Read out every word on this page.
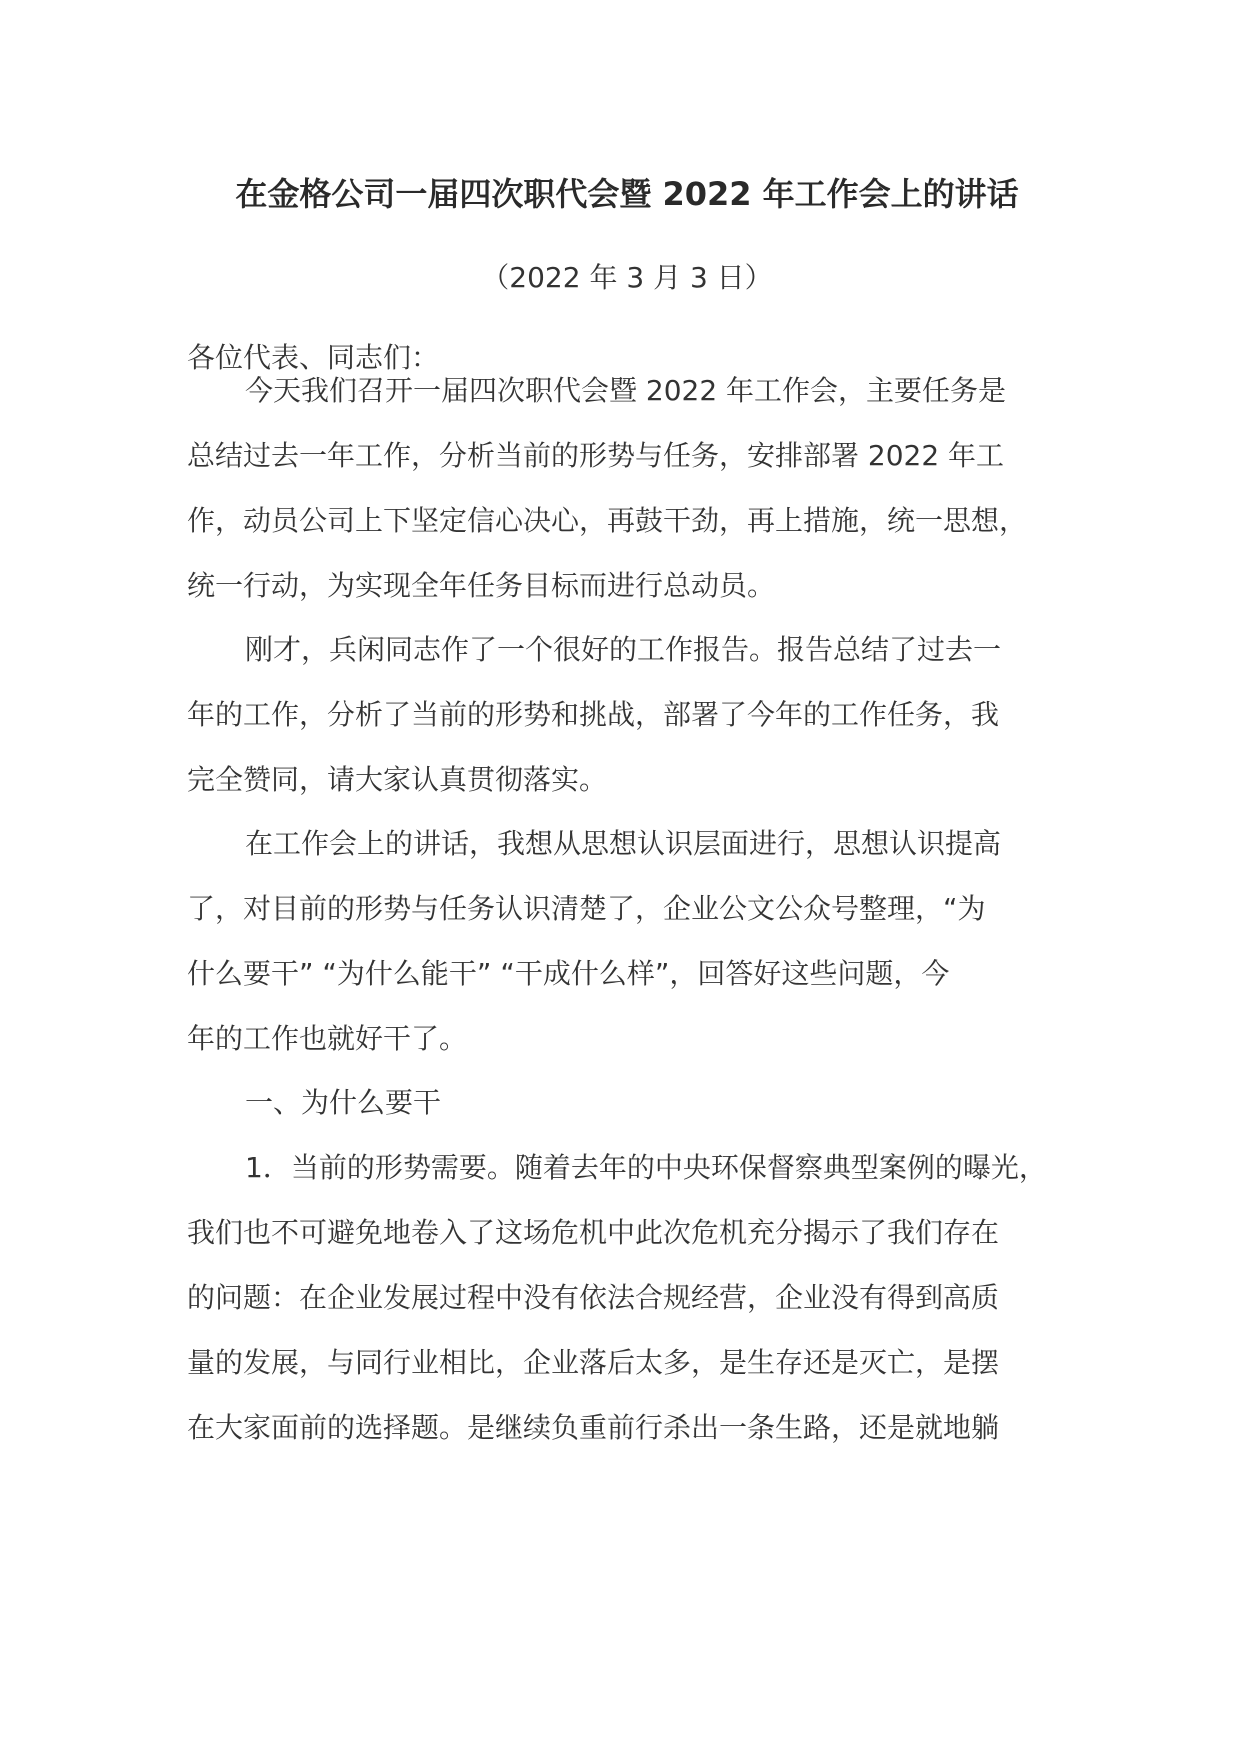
在金格公司一届四次职代会暨 2022 年工作会上的讲话
（2022 年 3 月 3 日）
各位代表、同志们：
今天我们召开一届四次职代会暨 2022 年工作会，主要任务是
总结过去一年工作，分析当前的形势与任务，安排部署 2022 年工
作，动员公司上下坚定信心决心，再鼓干劲，再上措施，统一思想，
统一行动，为实现全年任务目标而进行总动员。
刚才，兵闲同志作了一个很好的工作报告。报告总结了过去一
年的工作，分析了当前的形势和挑战，部署了今年的工作任务，我
完全赞同，请大家认真贯彻落实。
在工作会上的讲话，我想从思想认识层面进行，思想认识提高
了，对目前的形势与任务认识清楚了，企业公文公众号整理，“为
什么要干” “为什么能干” “干成什么样”，回答好这些问题，今
年的工作也就好干了。
一、为什么要干
1．当前的形势需要。随着去年的中央环保督察典型案例的曝光，
我们也不可避免地卷入了这场危机中此次危机充分揭示了我们存在
的问题：在企业发展过程中没有依法合规经营，企业没有得到高质
量的发展，与同行业相比，企业落后太多，是生存还是灭亡，是摆
在大家面前的选择题。是继续负重前行杀出一条生路，还是就地躺
